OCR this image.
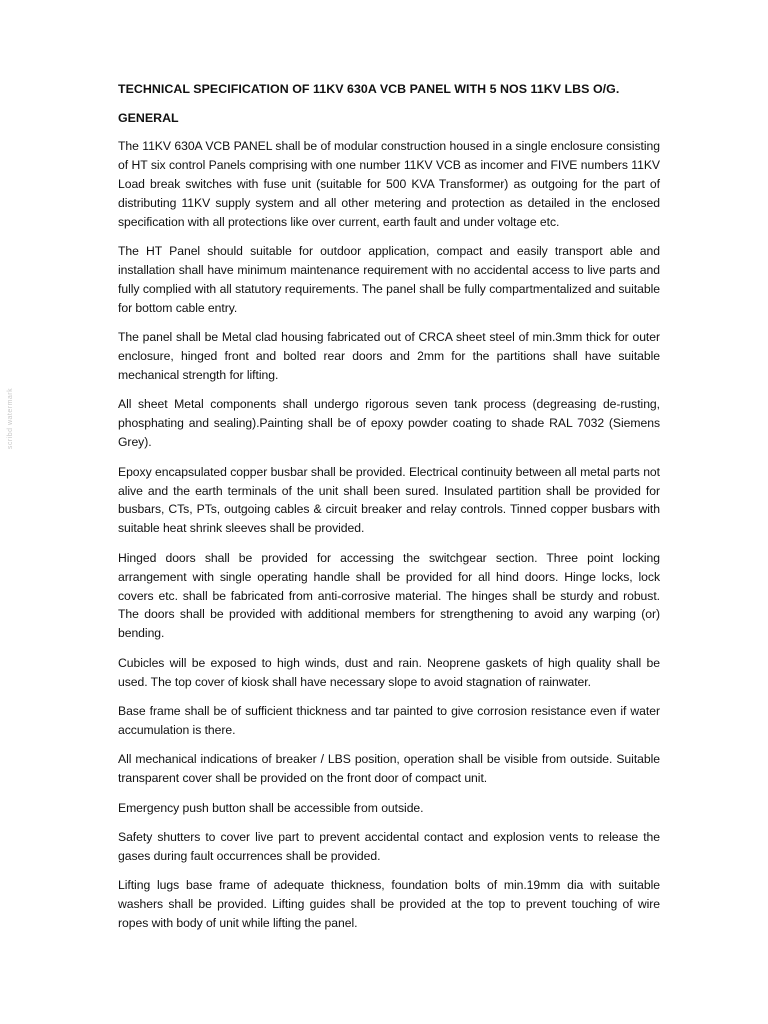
scribd watermark
TECHNICAL SPECIFICATION OF 11KV 630A VCB PANEL WITH 5 NOS 11KV LBS O/G.
GENERAL

The 11KV 630A VCB PANEL shall be of modular construction housed in a single enclosure consisting of HT six control Panels comprising with one number 11KV VCB as incomer and FIVE numbers 11KV Load break switches with fuse unit (suitable for 500 KVA Transformer) as outgoing for the part of distributing 11KV supply system and all other metering and protection as detailed in the enclosed specification with all protections like over current, earth fault and under voltage etc.

The HT Panel should suitable for outdoor application, compact and easily transport able and installation shall have minimum maintenance requirement with no accidental access to live parts and fully complied with all statutory requirements. The panel shall be fully compartmentalized and suitable for bottom cable entry.

The panel shall be Metal clad housing fabricated out of CRCA sheet steel of min.3mm thick for outer enclosure, hinged front and bolted rear doors and 2mm for the partitions shall have suitable mechanical strength for lifting.

All sheet Metal components shall undergo rigorous seven tank process (degreasing de-rusting, phosphating and sealing).Painting shall be of epoxy powder coating to shade RAL 7032 (Siemens Grey).

Epoxy encapsulated copper busbar shall be provided. Electrical continuity between all metal parts not alive and the earth terminals of the unit shall been sured. Insulated partition shall be provided for busbars, CTs, PTs, outgoing cables & circuit breaker and relay controls. Tinned copper busbars with suitable heat shrink sleeves shall be provided.

Hinged doors shall be provided for accessing the switchgear section. Three point locking arrangement with single operating handle shall be provided for all hind doors. Hinge locks, lock covers etc. shall be fabricated from anti-corrosive material. The hinges shall be sturdy and robust. The doors shall be provided with additional members for strengthening to avoid any warping (or) bending.

Cubicles will be exposed to high winds, dust and rain. Neoprene gaskets of high quality shall be used. The top cover of kiosk shall have necessary slope to avoid stagnation of rainwater.

Base frame shall be of sufficient thickness and tar painted to give corrosion resistance even if water accumulation is there.

All mechanical indications of breaker / LBS position, operation shall be visible from outside. Suitable transparent cover shall be provided on the front door of compact unit.

Emergency push button shall be accessible from outside.

Safety shutters to cover live part to prevent accidental contact and explosion vents to release the gases during fault occurrences shall be provided.

Lifting lugs base frame of adequate thickness, foundation bolts of min.19mm dia with suitable washers shall be provided. Lifting guides shall be provided at the top to prevent touching of wire ropes with body of unit while lifting the panel.
